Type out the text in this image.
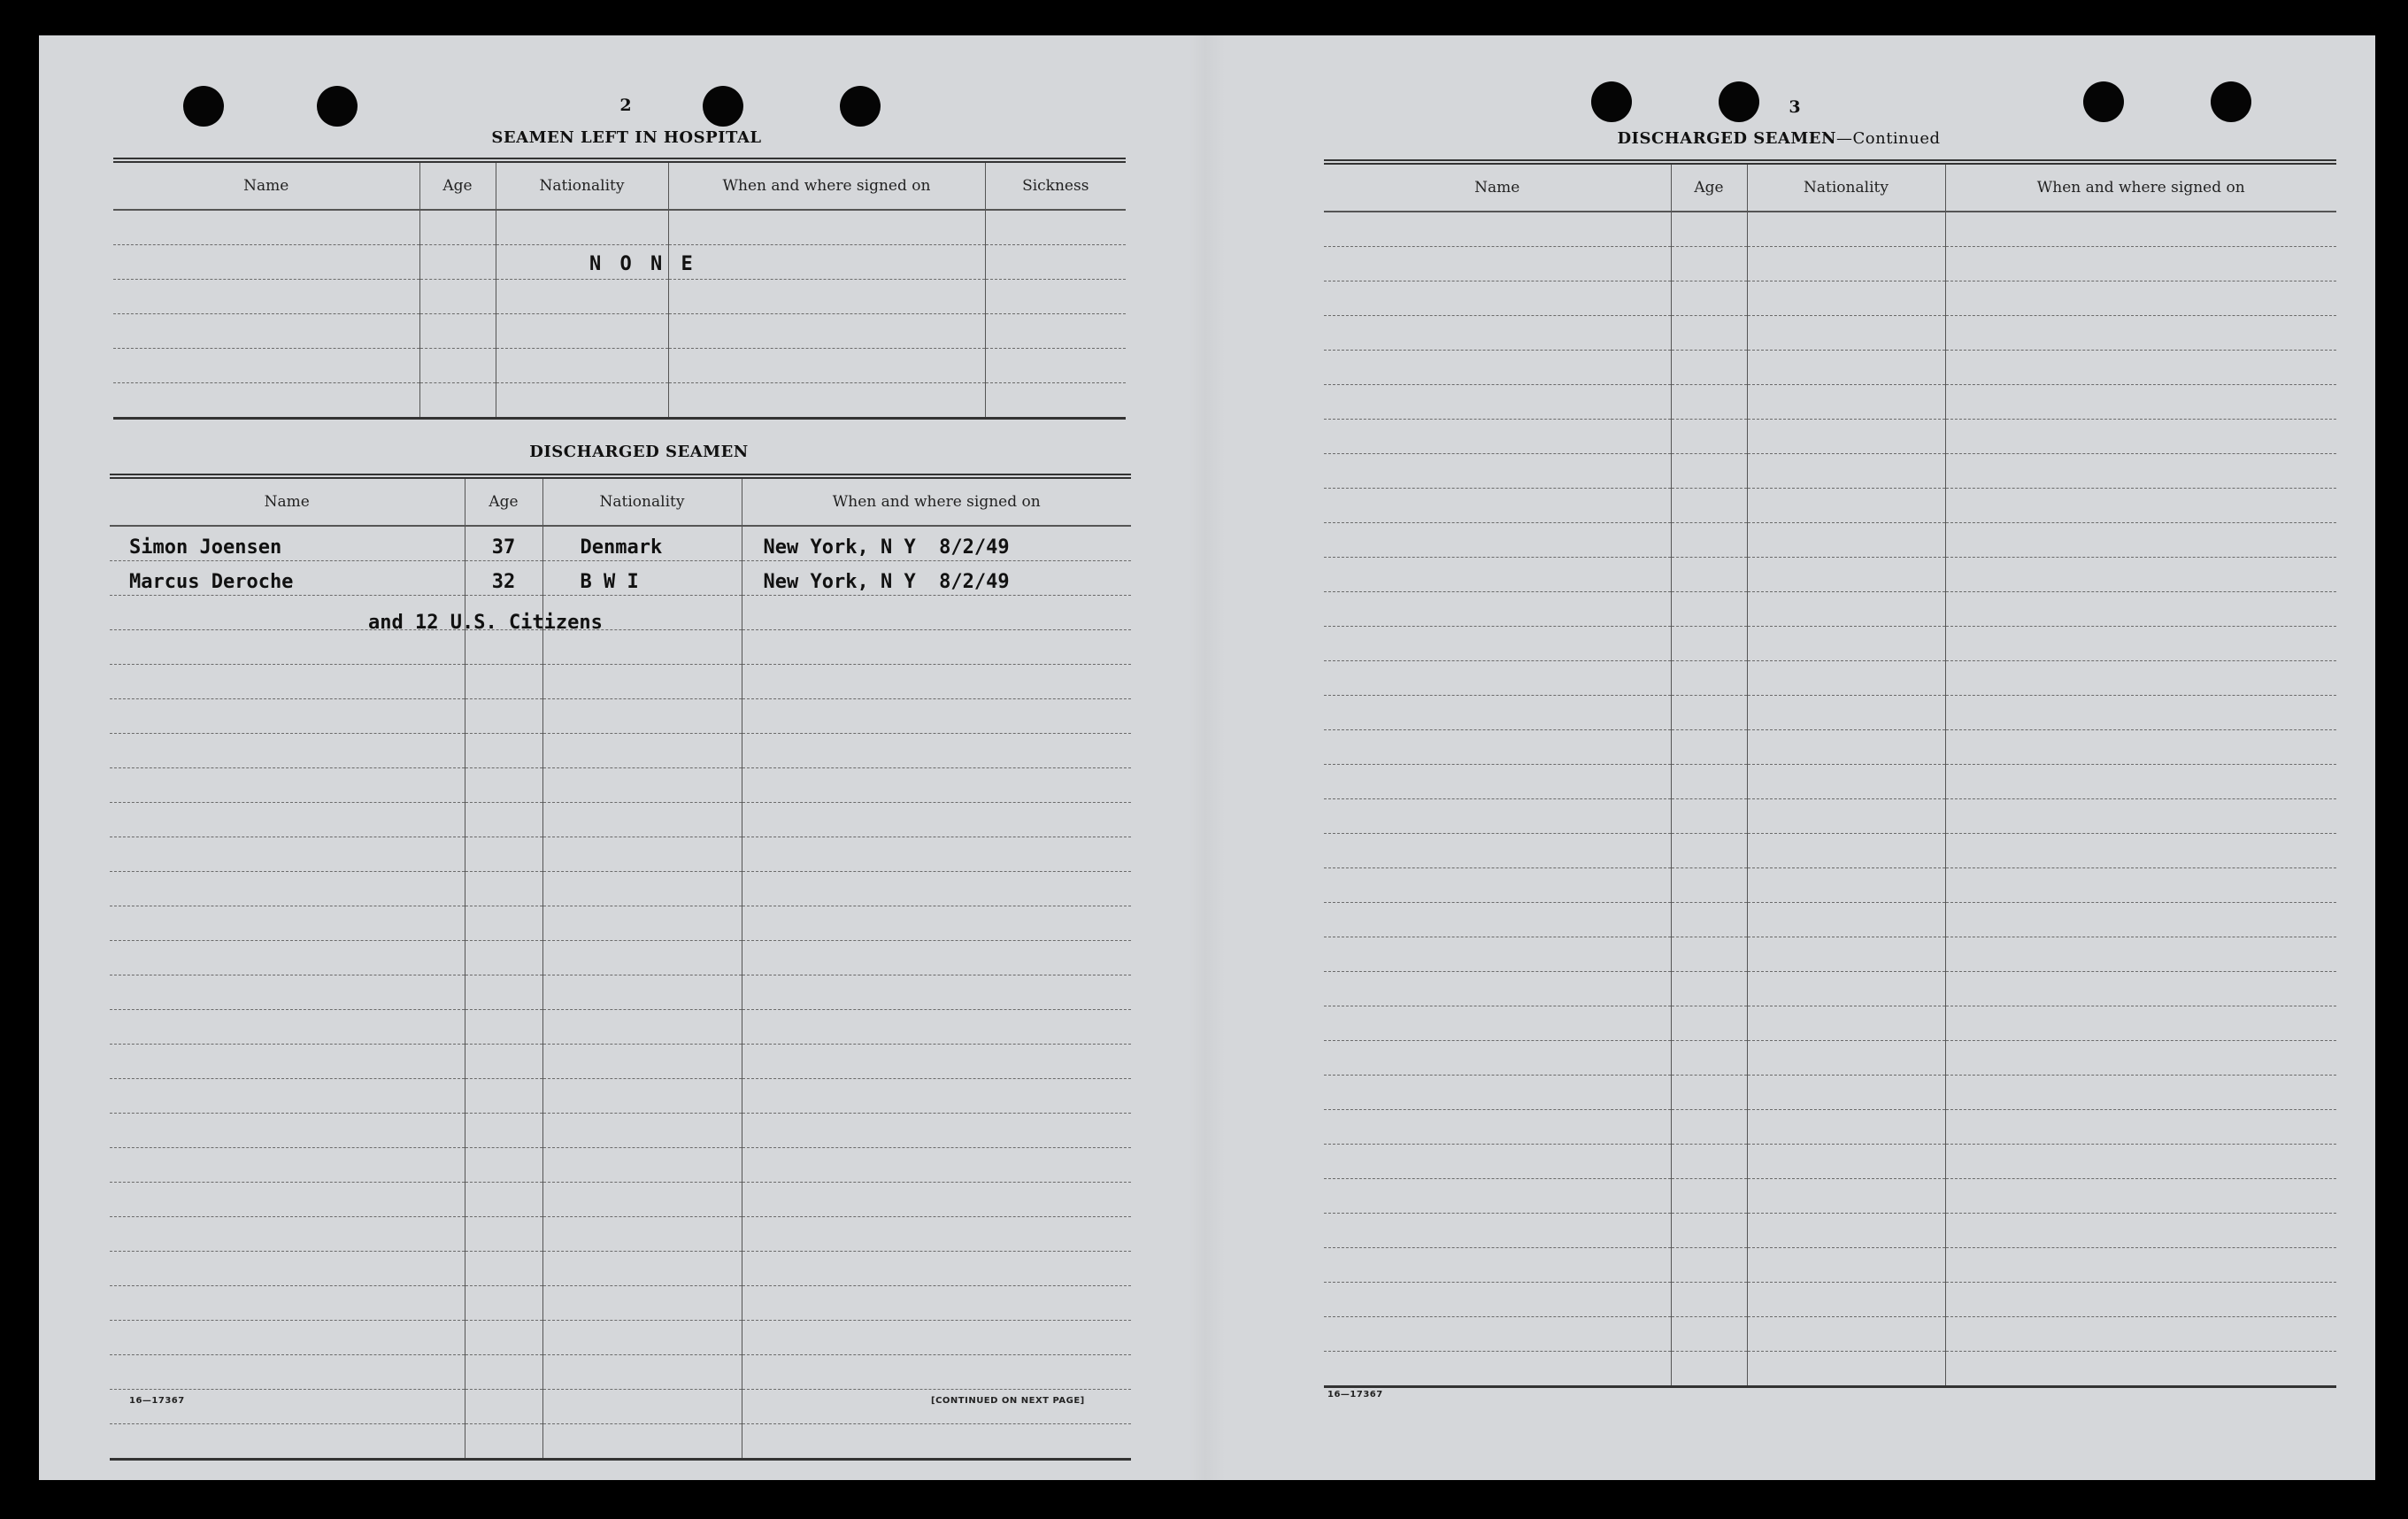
2
SEAMEN LEFT IN HOSPITAL
Name	Age	Nationality	When and where signed on	Sickness

N O N E
DISCHARGED SEAMEN
Name	Age	Nationality	When and where signed on
Simon Joensen	37	Denmark	New York, N Y  8/2/49
Marcus Deroche	32	B W I	New York, N Y  8/2/49

and 12 U.S. Citizens
16—17367	[CONTINUED ON NEXT PAGE]
3
DISCHARGED SEAMEN—Continued
Name	Age	Nationality	When and where signed on

16—17367
